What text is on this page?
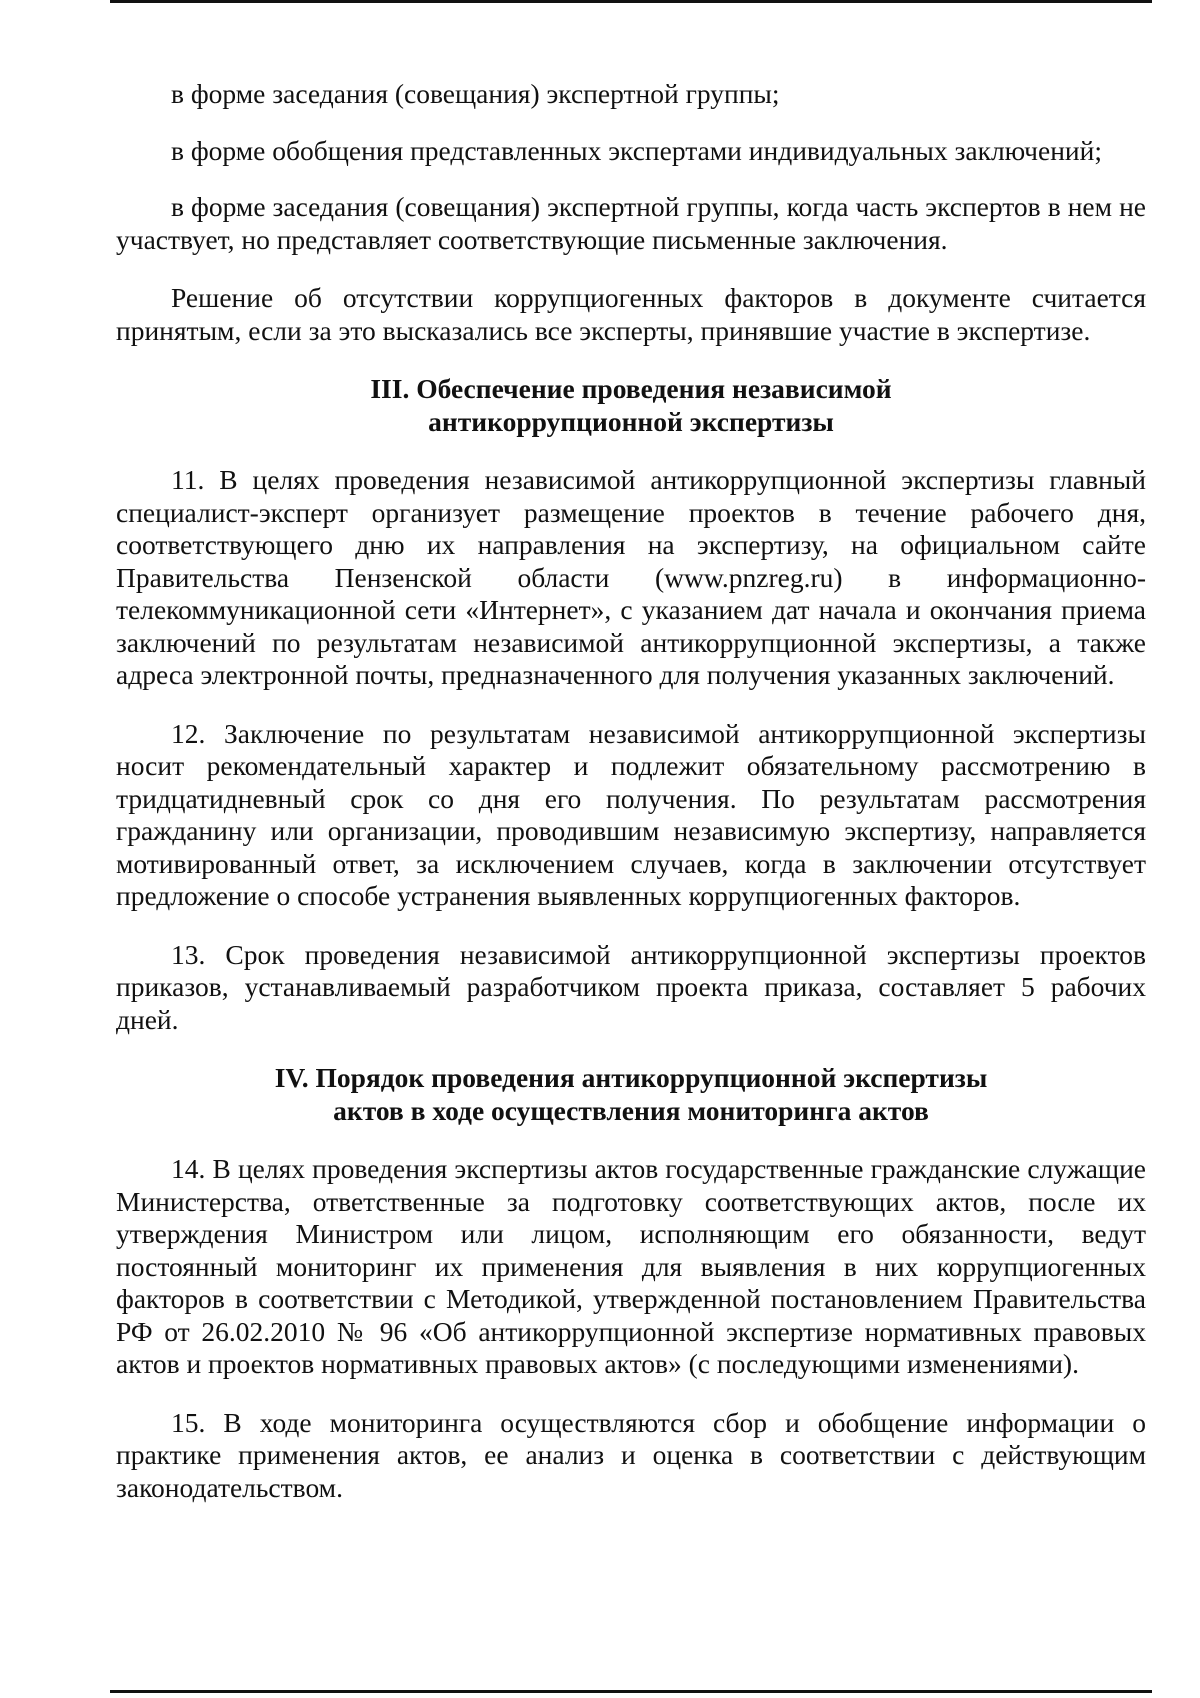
в форме заседания (совещания) экспертной группы;

в форме обобщения представленных экспертами индивидуальных заключений;

в форме заседания (совещания) экспертной группы, когда часть экспертов в нем не участвует, но представляет соответствующие письменные заключения.

Решение об отсутствии коррупциогенных факторов в документе считается принятым, если за это высказались все эксперты, принявшие участие в экспертизе.

III. Обеспечение проведения независимой
антикоррупционной экспертизы

11. В целях проведения независимой антикоррупционной экспертизы главный специалист-эксперт организует размещение проектов в течение рабочего дня, соответствующего дню их направления на экспертизу, на официальном сайте Правительства Пензенской области (www.pnzreg.ru) в информационно-телекоммуникационной сети «Интернет», с указанием дат начала и окончания приема заключений по результатам независимой антикоррупционной экспертизы, а также адреса электронной почты, предназначенного для получения указанных заключений.

12. Заключение по результатам независимой антикоррупционной экспертизы носит рекомендательный характер и подлежит обязательному рассмотрению в тридцатидневный срок со дня его получения. По результатам рассмотрения гражданину или организации, проводившим независимую экспертизу, направляется мотивированный ответ, за исключением случаев, когда в заключении отсутствует предложение о способе устранения выявленных коррупциогенных факторов.

13. Срок проведения независимой антикоррупционной экспертизы проектов приказов, устанавливаемый разработчиком проекта приказа, составляет 5 рабочих дней.

IV. Порядок проведения антикоррупционной экспертизы
актов в ходе осуществления мониторинга актов

14. В целях проведения экспертизы актов государственные гражданские служащие Министерства, ответственные за подготовку соответствующих актов, после их утверждения Министром или лицом, исполняющим его обязанности, ведут постоянный мониторинг их применения для выявления в них коррупциогенных факторов в соответствии с Методикой, утвержденной постановлением Правительства РФ от 26.02.2010 № 96 «Об антикоррупционной экспертизе нормативных правовых актов и проектов нормативных правовых актов» (с последующими изменениями).

15. В ходе мониторинга осуществляются сбор и обобщение информации о практике применения актов, ее анализ и оценка в соответствии с действующим законодательством.
